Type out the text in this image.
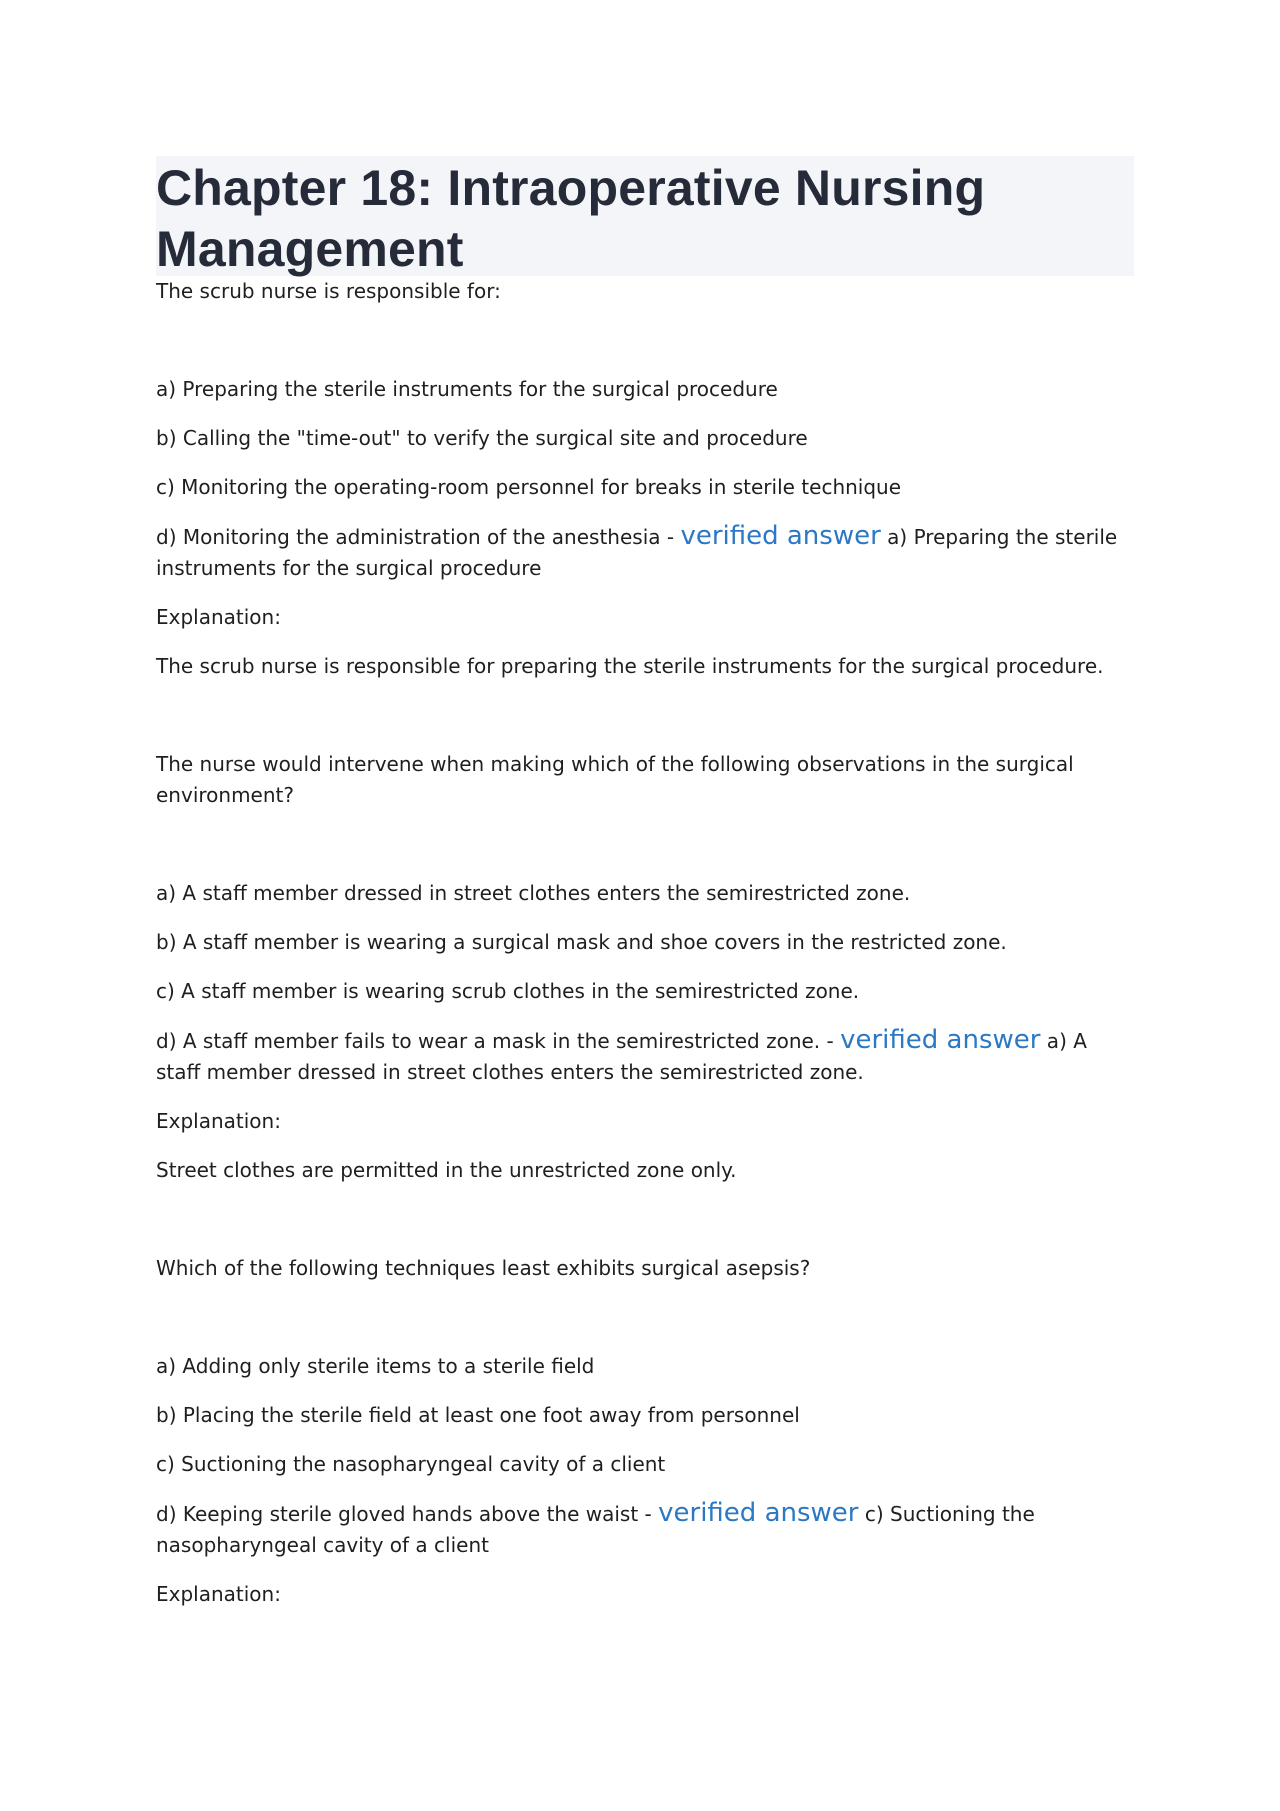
Chapter 18: Intraoperative Nursing Management

The scrub nurse is responsible for:

a) Preparing the sterile instruments for the surgical procedure

b) Calling the "time-out" to verify the surgical site and procedure

c) Monitoring the operating-room personnel for breaks in sterile technique

d) Monitoring the administration of the anesthesia - verified answer a) Preparing the sterile instruments for the surgical procedure

Explanation:

The scrub nurse is responsible for preparing the sterile instruments for the surgical procedure.

The nurse would intervene when making which of the following observations in the surgical environment?

a) A staff member dressed in street clothes enters the semirestricted zone.

b) A staff member is wearing a surgical mask and shoe covers in the restricted zone.

c) A staff member is wearing scrub clothes in the semirestricted zone.

d) A staff member fails to wear a mask in the semirestricted zone. - verified answer a) A staff member dressed in street clothes enters the semirestricted zone.

Explanation:

Street clothes are permitted in the unrestricted zone only.

Which of the following techniques least exhibits surgical asepsis?

a) Adding only sterile items to a sterile field

b) Placing the sterile field at least one foot away from personnel

c) Suctioning the nasopharyngeal cavity of a client

d) Keeping sterile gloved hands above the waist - verified answer c) Suctioning the nasopharyngeal cavity of a client

Explanation:
